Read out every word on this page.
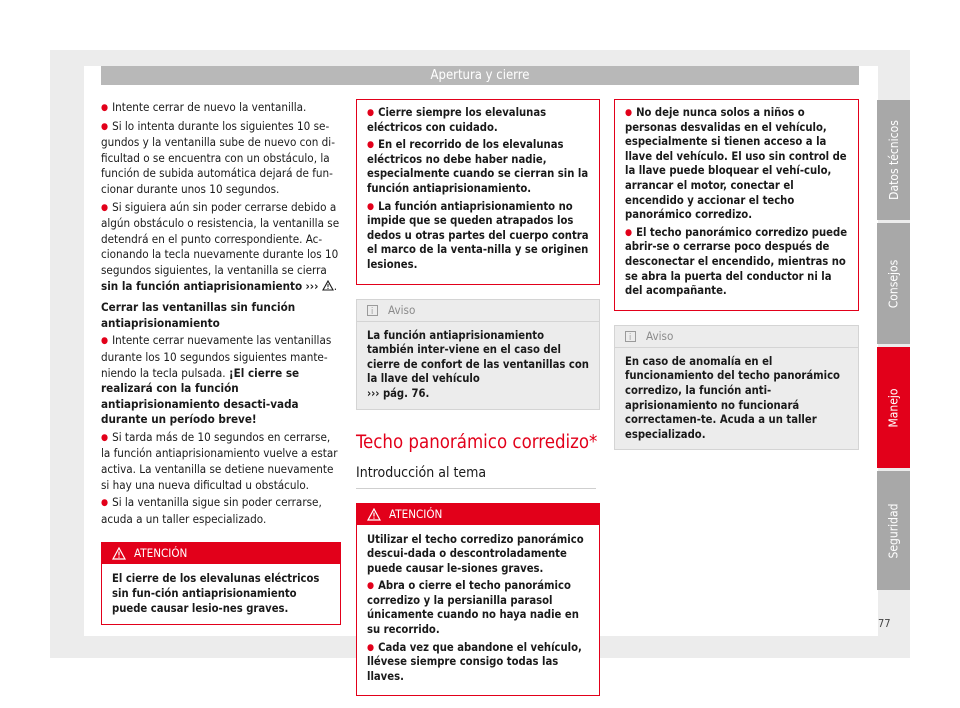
Apertura y cierre

● Intente cerrar de nuevo la ventanilla.

● Si lo intenta durante los siguientes 10 se-gundos y la ventanilla sube de nuevo con di-ficultad o se encuentra con un obstáculo, la función de subida automática dejará de fun-cionar durante unos 10 segundos.

● Si siguiera aún sin poder cerrarse debido a algún obstáculo o resistencia, la ventanilla se detendrá en el punto correspondiente. Ac-cionando la tecla nuevamente durante los 10 segundos siguientes, la ventanilla se cierra sin la función antiaprisionamiento ››› .

Cerrar las ventanillas sin función antiaprisionamiento

● Intente cerrar nuevamente las ventanillas durante los 10 segundos siguientes mante-niendo la tecla pulsada. ¡El cierre se realizará con la función antiaprisionamiento desacti-vada durante un período breve!

● Si tarda más de 10 segundos en cerrarse, la función antiaprisionamiento vuelve a estar activa. La ventanilla se detiene nuevamente si hay una nueva dificultad u obstáculo.

● Si la ventanilla sigue sin poder cerrarse, acuda a un taller especializado.

ATENCIÓN
El cierre de los elevalunas eléctricos sin fun-ción antiaprisionamiento puede causar lesio-nes graves.

● Cierre siempre los elevalunas eléctricos con cuidado.

● En el recorrido de los elevalunas eléctricos no debe haber nadie, especialmente cuando se cierran sin la función antiaprisionamiento.

● La función antiaprisionamiento no impide que se queden atrapados los dedos u otras partes del cuerpo contra el marco de la venta-nilla y se originen lesiones.

i
Aviso
La función antiaprisionamiento también inter-viene en el caso del cierre de confort de las ventanillas con la llave del vehículo
››› pág. 76.
Techo panorámico corredizo*
Introducción al tema
ATENCIÓN

Utilizar el techo corredizo panorámico descui-dada o descontroladamente puede causar le-siones graves.

● Abra o cierre el techo panorámico corredizo y la persianilla parasol únicamente cuando no haya nadie en su recorrido.

● Cada vez que abandone el vehículo, llévese siempre consigo todas las llaves.

● No deje nunca solos a niños o personas desvalidas en el vehículo, especialmente si tienen acceso a la llave del vehículo. El uso sin control de la llave puede bloquear el vehí-culo, arrancar el motor, conectar el encendido y accionar el techo panorámico corredizo.

● El techo panorámico corredizo puede abrir-se o cerrarse poco después de desconectar el encendido, mientras no se abra la puerta del conductor ni la del acompañante.

i
Aviso
En caso de anomalía en el funcionamiento del techo panorámico corredizo, la función anti-aprisionamiento no funcionará correctamen-te. Acuda a un taller especializado.
Datos técnicos
Consejos
Manejo
Seguridad
77
